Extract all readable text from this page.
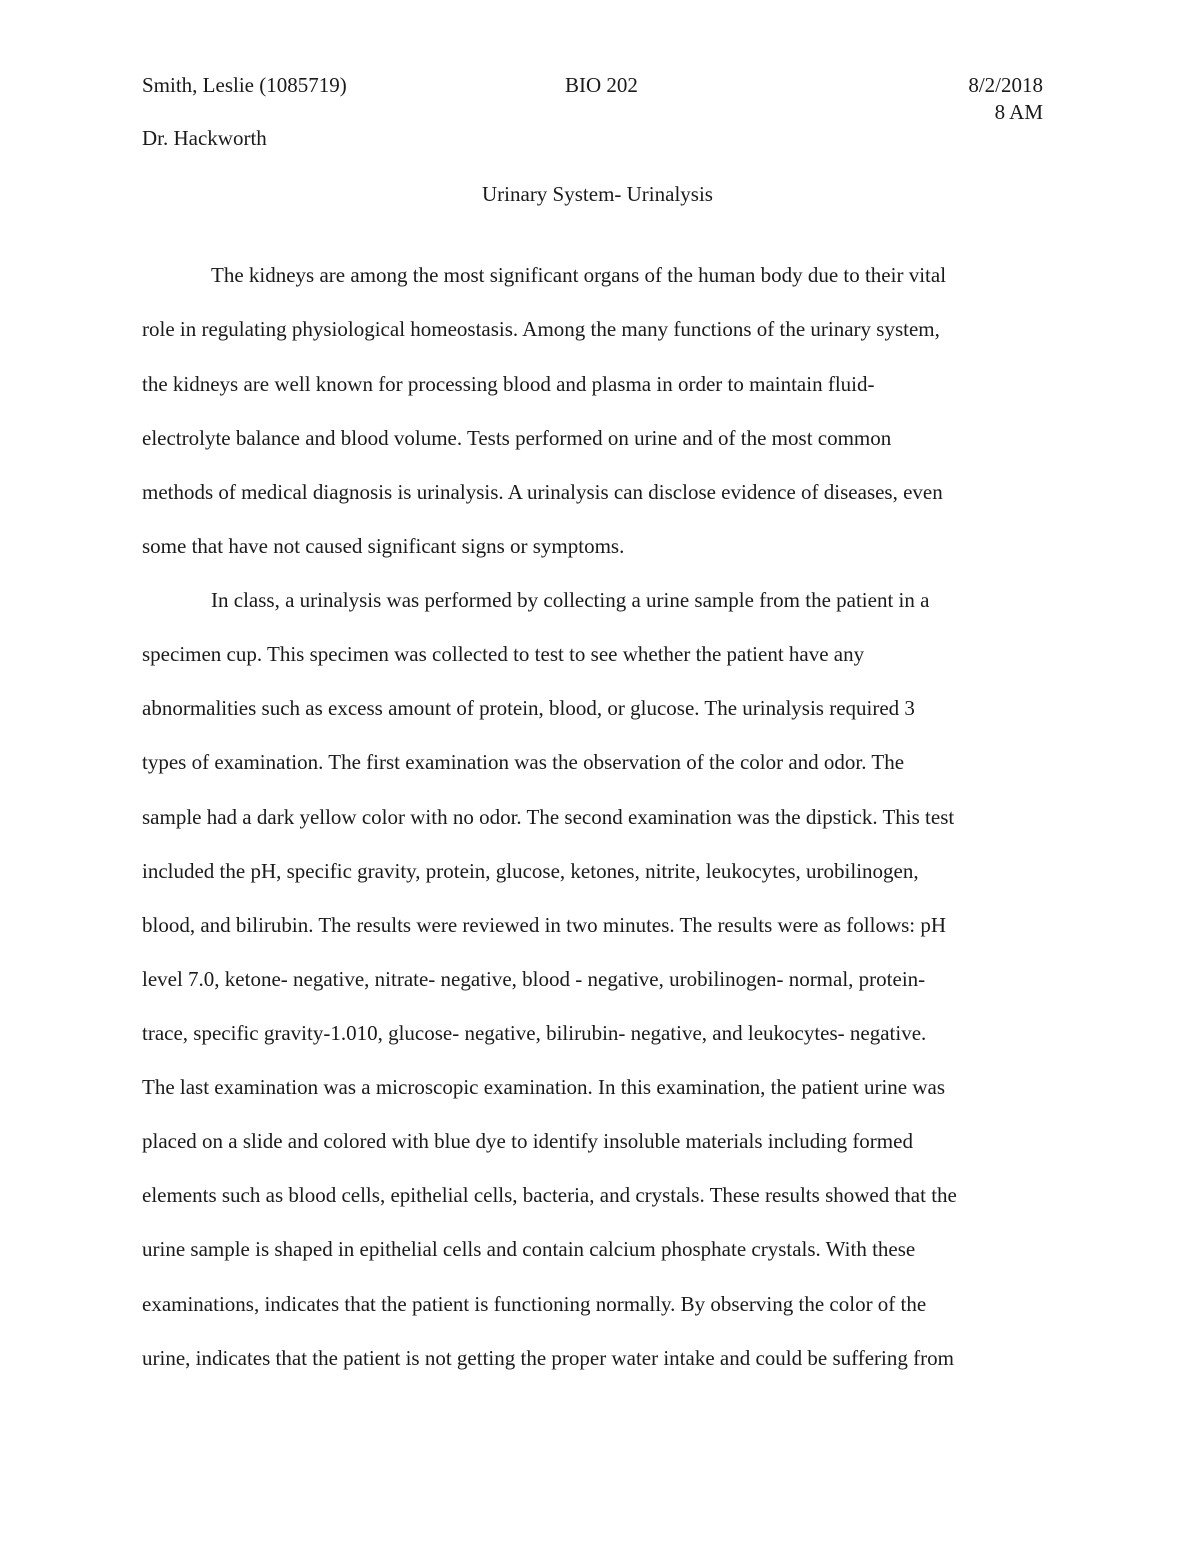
Smith, Leslie (1085719)	BIO 202	8/2/2018
8 AM
Dr. Hackworth
Urinary System- Urinalysis
The kidneys are among the most significant organs of the human body due to their vital
role in regulating physiological homeostasis. Among the many functions of the urinary system,
the kidneys are well known for processing blood and plasma in order to maintain fluid-
electrolyte balance and blood volume. Tests performed on urine and of the most common
methods of medical diagnosis is urinalysis. A urinalysis can disclose evidence of diseases, even
some that have not caused significant signs or symptoms.
In class, a urinalysis was performed by collecting a urine sample from the patient in a
specimen cup. This specimen was collected to test to see whether the patient have any
abnormalities such as excess amount of protein, blood, or glucose. The urinalysis required 3
types of examination. The first examination was the observation of the color and odor. The
sample had a dark yellow color with no odor. The second examination was the dipstick. This test
included the pH, specific gravity, protein, glucose, ketones, nitrite, leukocytes, urobilinogen,
blood, and bilirubin. The results were reviewed in two minutes. The results were as follows: pH
level 7.0, ketone- negative, nitrate- negative, blood - negative, urobilinogen- normal, protein-
trace, specific gravity-1.010, glucose- negative, bilirubin- negative, and leukocytes- negative.
The last examination was a microscopic examination. In this examination, the patient urine was
placed on a slide and colored with blue dye to identify insoluble materials including formed
elements such as blood cells, epithelial cells, bacteria, and crystals. These results showed that the
urine sample is shaped in epithelial cells and contain calcium phosphate crystals. With these
examinations, indicates that the patient is functioning normally. By observing the color of the
urine, indicates that the patient is not getting the proper water intake and could be suffering from
